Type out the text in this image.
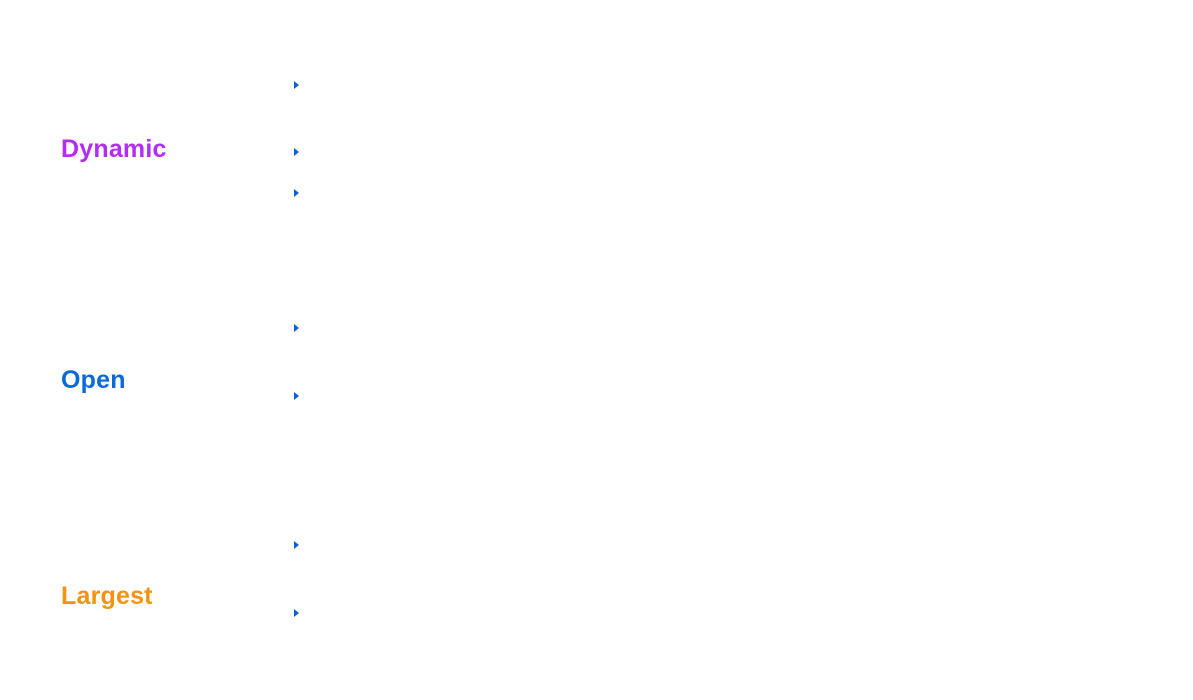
Dynamic
Open
Largest
